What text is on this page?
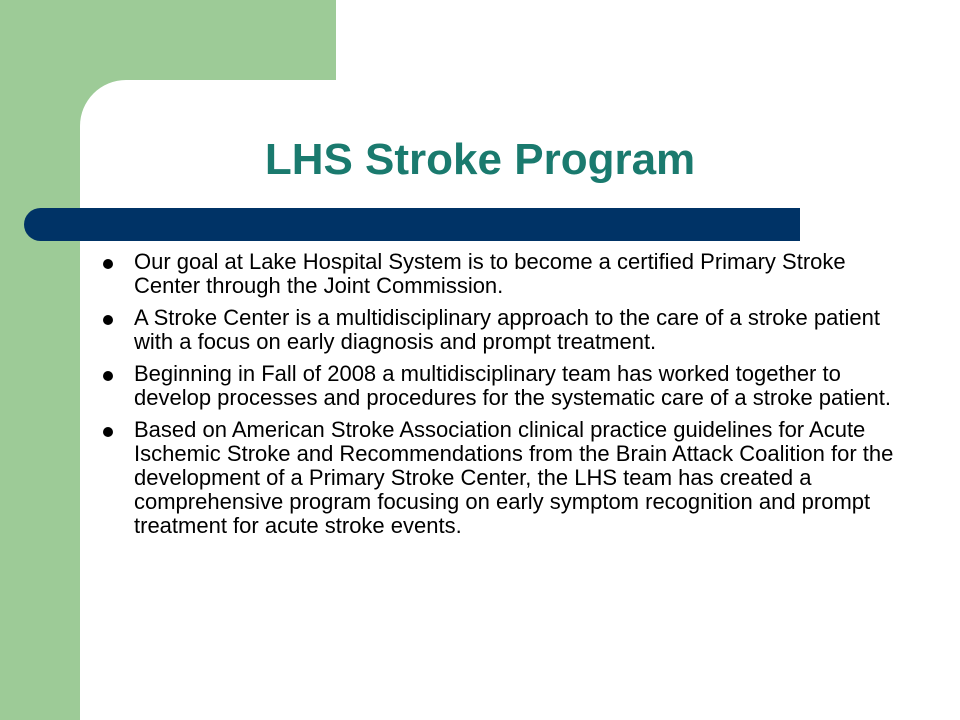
LHS Stroke Program
Our goal at Lake Hospital System is to become a certified Primary Stroke Center through the Joint Commission.
A Stroke Center is a multidisciplinary approach to the care of a stroke patient with a focus on early diagnosis and prompt treatment.
Beginning in Fall of 2008 a multidisciplinary team has worked together to develop processes and procedures for the systematic care of a stroke patient.
Based on American Stroke Association clinical practice guidelines for Acute Ischemic Stroke and Recommendations from the Brain Attack Coalition for the development of a Primary Stroke Center, the LHS team has created a comprehensive program focusing on early symptom recognition and prompt treatment for acute stroke events.
